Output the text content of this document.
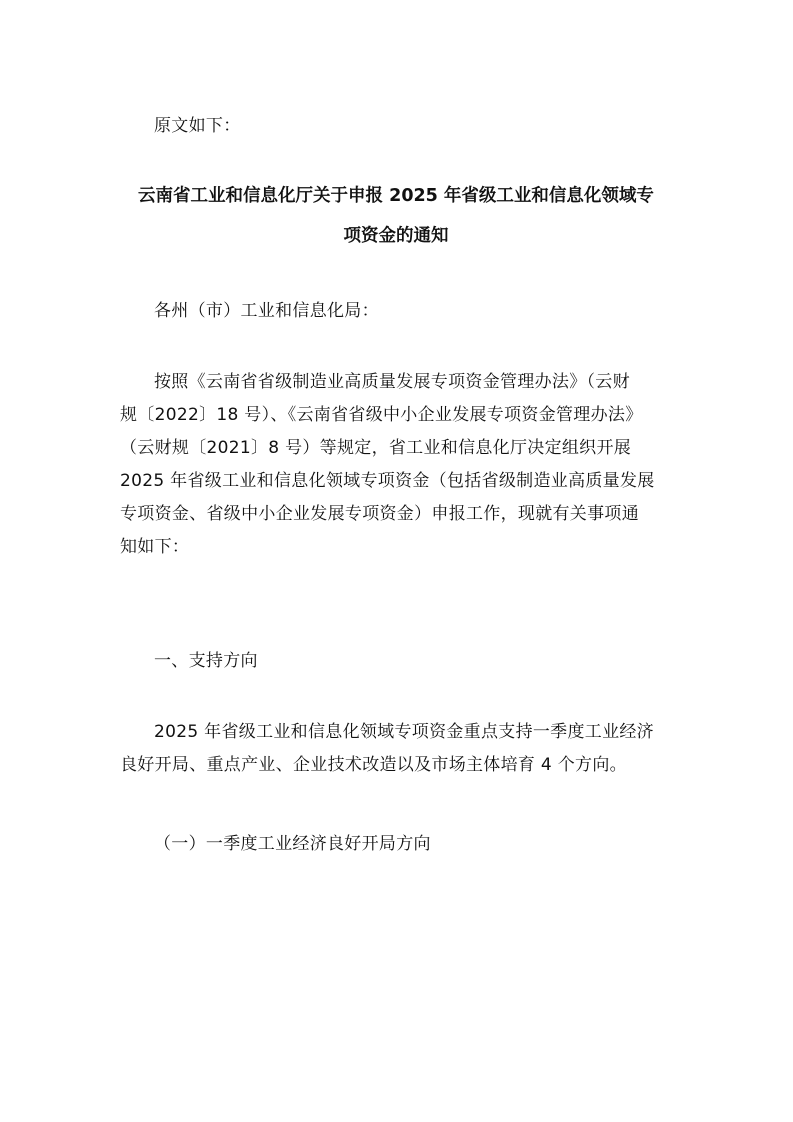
原文如下：
云南省工业和信息化厅关于申报 2025 年省级工业和信息化领域专
项资金的通知
各州（市）工业和信息化局：
按照《云南省省级制造业高质量发展专项资金管理办法》（云财
规〔2022〕18 号）、《云南省省级中小企业发展专项资金管理办法》
（云财规〔2021〕8 号）等规定，省工业和信息化厅决定组织开展
2025 年省级工业和信息化领域专项资金（包括省级制造业高质量发展
专项资金、省级中小企业发展专项资金）申报工作，现就有关事项通
知如下：
一、支持方向
2025 年省级工业和信息化领域专项资金重点支持一季度工业经济
良好开局、重点产业、企业技术改造以及市场主体培育 4 个方向。
（一）一季度工业经济良好开局方向
